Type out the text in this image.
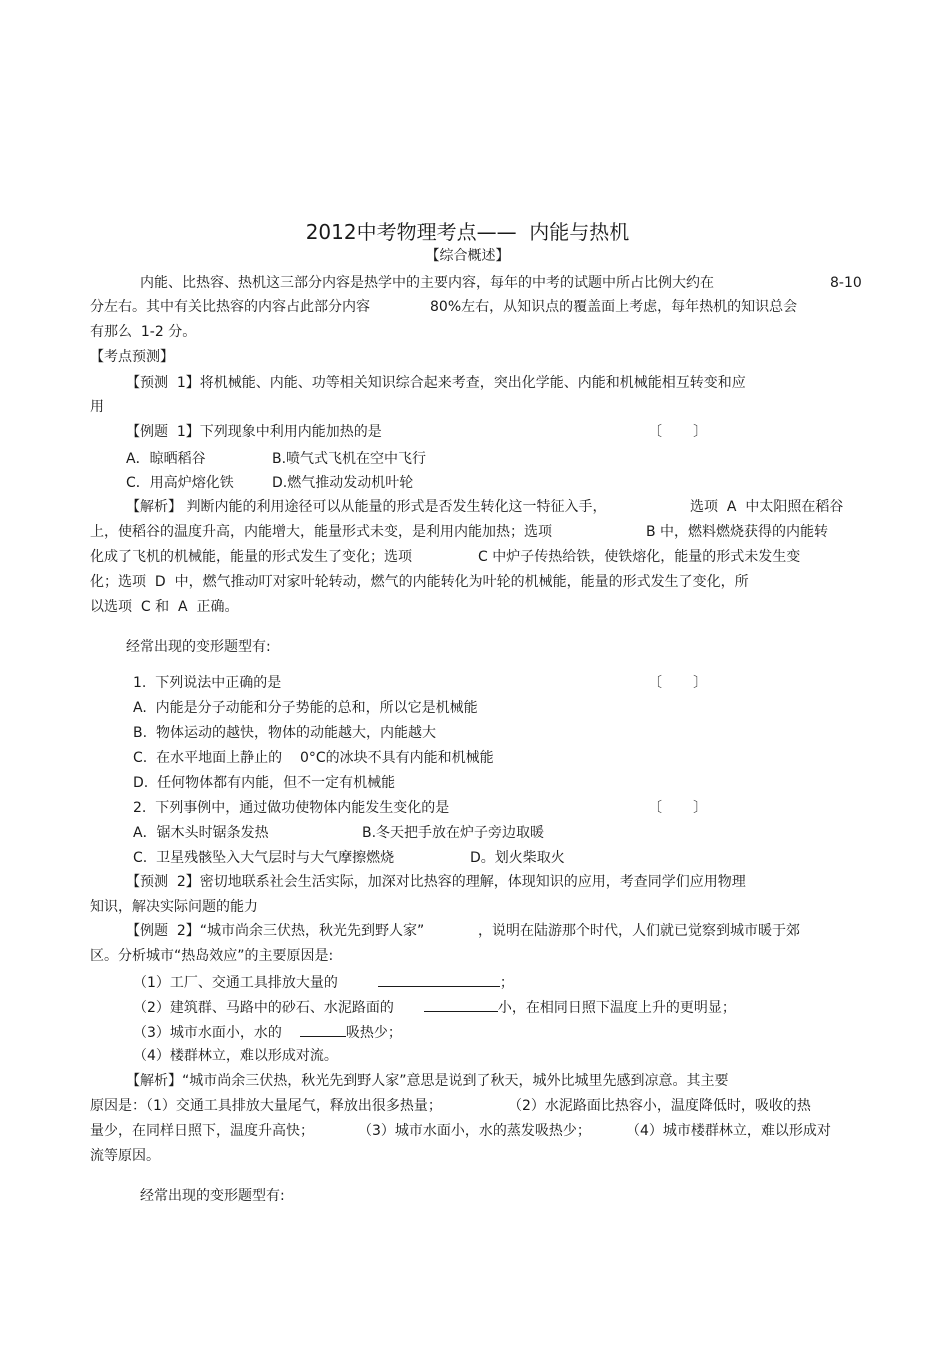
2012中考物理考点——  内能与热机
【综合概述】
内能、比热容、热机这三部分内容是热学中的主要内容，每年的中考的试题中所占比例大约在	8-10
分左右。其中有关比热容的内容占此部分内容	80%左右，从知识点的覆盖面上考虑，每年热机的知识总会
有那么  1-2 分。
【考点预测】
【预测  1】将机械能、内能、功等相关知识综合起来考查，突出化学能、内能和机械能相互转变和应
用
【例题  1】下列现象中利用内能加热的是	〔       〕
A．晾晒稻谷	B.喷气式飞机在空中飞行
C．用高炉熔化铁	D.燃气推动发动机叶轮
【解析】 判断内能的利用途径可以从能量的形式是否发生转化这一特征入手，	选项  A  中太阳照在稻谷
上，使稻谷的温度升高，内能增大，能量形式未变，是利用内能加热；选项	B 中，燃料燃烧获得的内能转
化成了飞机的机械能，能量的形式发生了变化；选项	C 中炉子传热给铁，使铁熔化，能量的形式未发生变
化；选项  D  中，燃气推动叮对家叶轮转动，燃气的内能转化为叶轮的机械能，能量的形式发生了变化，所
以选项  C 和  A  正确。
经常出现的变形题型有:
1.  下列说法中正确的是	〔       〕
A.  内能是分子动能和分子势能的总和，所以它是机械能
B.  物体运动的越快，物体的动能越大，内能越大
C.  在水平地面上静止的 0°C的冰块不具有内能和机械能
D.  任何物体都有内能，但不一定有机械能
2.  下列事例中，通过做功使物体内能发生变化的是	〔       〕
A．锯木头时锯条发热	B.冬天把手放在炉子旁边取暖
C.  卫星残骸坠入大气层时与大气摩擦燃烧	D。划火柴取火
【预测  2】密切地联系社会生活实际，加深对比热容的理解，体现知识的应用，考查同学们应用物理
知识，解决实际问题的能力
【例题  2】“城市尚余三伏热，秋光先到野人家”	，说明在陆游那个时代，人们就已觉察到城市暖于郊
区。分析城市“热岛效应”的主要原因是:
（1）工厂、交通工具排放大量的	；
（2）建筑群、马路中的砂石、水泥路面的	小，在相同日照下温度上升的更明显；
（3）城市水面小，水的	吸热少；
（4）楼群林立，难以形成对流。
【解析】“城市尚余三伏热，秋光先到野人家”意思是说到了秋天，城外比城里先感到凉意。其主要
原因是：（1）交通工具排放大量尾气，释放出很多热量；	（2）水泥路面比热容小，温度降低时，吸收的热
量少，在同样日照下，温度升高快；	（3）城市水面小，水的蒸发吸热少；	（4）城市楼群林立，难以形成对
流等原因。
经常出现的变形题型有:
